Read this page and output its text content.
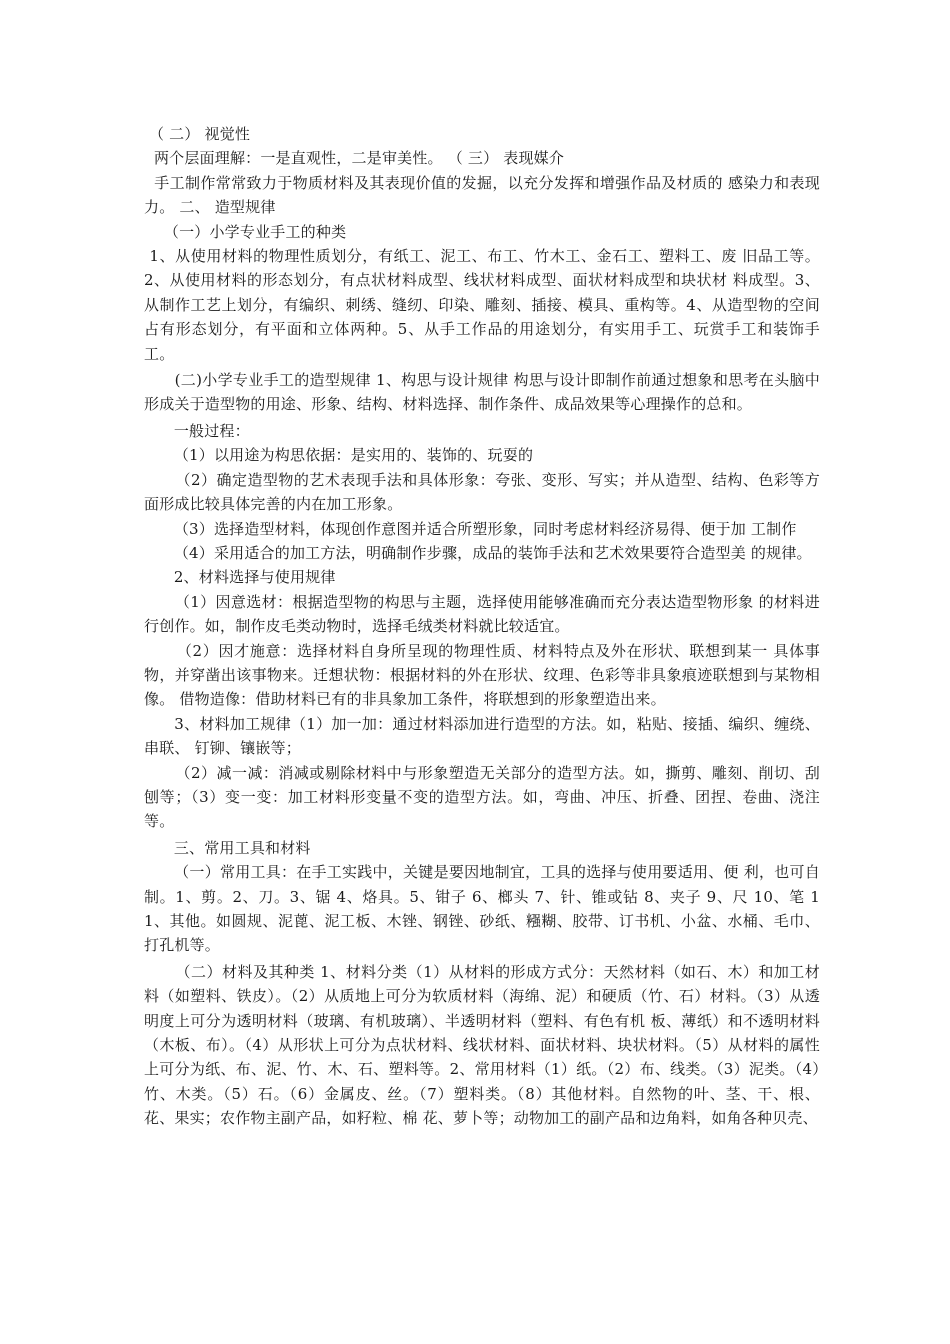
（ 二） 视觉性

两个层面理解：一是直观性，二是审美性。 （ 三） 表现媒介

手工制作常常致力于物质材料及其表现价值的发掘，以充分发挥和增强作品及材质的 感染力和表现力。 二、 造型规律

（一）小学专业手工的种类

1、从使用材料的物理性质划分，有纸工、泥工、布工、竹木工、金石工、塑料工、废 旧品工等。2、从使用材料的形态划分，有点状材料成型、线状材料成型、面状材料成型和块状材 料成型。3、从制作工艺上划分，有编织、刺绣、缝纫、印染、雕刻、插接、模具、重构等。4、从造型物的空间占有形态划分，有平面和立体两种。5、从手工作品的用途划分，有实用手工、玩赏手工和装饰手工。

(二)小学专业手工的造型规律 1、构思与设计规律 构思与设计即制作前通过想象和思考在头脑中形成关于造型物的用途、形象、结构、材料选择、制作条件、成品效果等心理操作的总和。

一般过程：

（1）以用途为构思依据：是实用的、装饰的、玩耍的

（2）确定造型物的艺术表现手法和具体形象：夸张、变形、写实；并从造型、结构、色彩等方面形成比较具体完善的内在加工形象。

（3）选择造型材料，体现创作意图并适合所塑形象，同时考虑材料经济易得、便于加 工制作

（4）采用适合的加工方法，明确制作步骤，成品的装饰手法和艺术效果要符合造型美 的规律。

2、材料选择与使用规律

（1）因意选材：根据造型物的构思与主题，选择使用能够准确而充分表达造型物形象 的材料进行创作。如，制作皮毛类动物时，选择毛绒类材料就比较适宜。

（2）因才施意：选择材料自身所呈现的物理性质、材料特点及外在形状、联想到某一 具体事物，并穿凿出该事物来。迁想状物：根据材料的外在形状、纹理、色彩等非具象痕迹联想到与某物相像。 借物造像：借助材料已有的非具象加工条件，将联想到的形象塑造出来。

3、材料加工规律（1）加一加：通过材料添加进行造型的方法。如，粘贴、接插、编织、缠绕、串联、 钉铆、镶嵌等；

（2）减一减：消减或剔除材料中与形象塑造无关部分的造型方法。如，撕剪、雕刻、削切、刮刨等；（3）变一变：加工材料形变量不变的造型方法。如，弯曲、冲压、折叠、团捏、卷曲、浇注等。

三、常用工具和材料

（一）常用工具：在手工实践中，关键是要因地制宜，工具的选择与使用要适用、便 利，也可自制。1、剪。2、刀。3、锯 4、烙具。5、钳子 6、榔头 7、针、锥或钻 8、夹子 9、尺 10、笔 11、其他。如圆规、泥蓖、泥工板、木锉、钢锉、砂纸、糨糊、胶带、订书机、小盆、水桶、毛巾、打孔机等。

（二）材料及其种类 1、材料分类（1）从材料的形成方式分：天然材料（如石、木）和加工材料（如塑料、铁皮）。（2）从质地上可分为软质材料（海绵、泥）和硬质（竹、石）材料。（3）从透明度上可分为透明材料（玻璃、有机玻璃）、半透明材料（塑料、有色有机 板、薄纸）和不透明材料（木板、布）。（4）从形状上可分为点状材料、线状材料、面状材料、块状材料。（5）从材料的属性上可分为纸、布、泥、竹、木、石、塑料等。2、常用材料（1）纸。（2）布、线类。（3）泥类。（4）竹、木类。（5）石。（6）金属皮、丝。（7）塑料类。（8）其他材料。自然物的叶、茎、干、根、花、果实；农作物主副产品，如籽粒、棉 花、萝卜等；动物加工的副产品和边角料，如角各种贝壳、
